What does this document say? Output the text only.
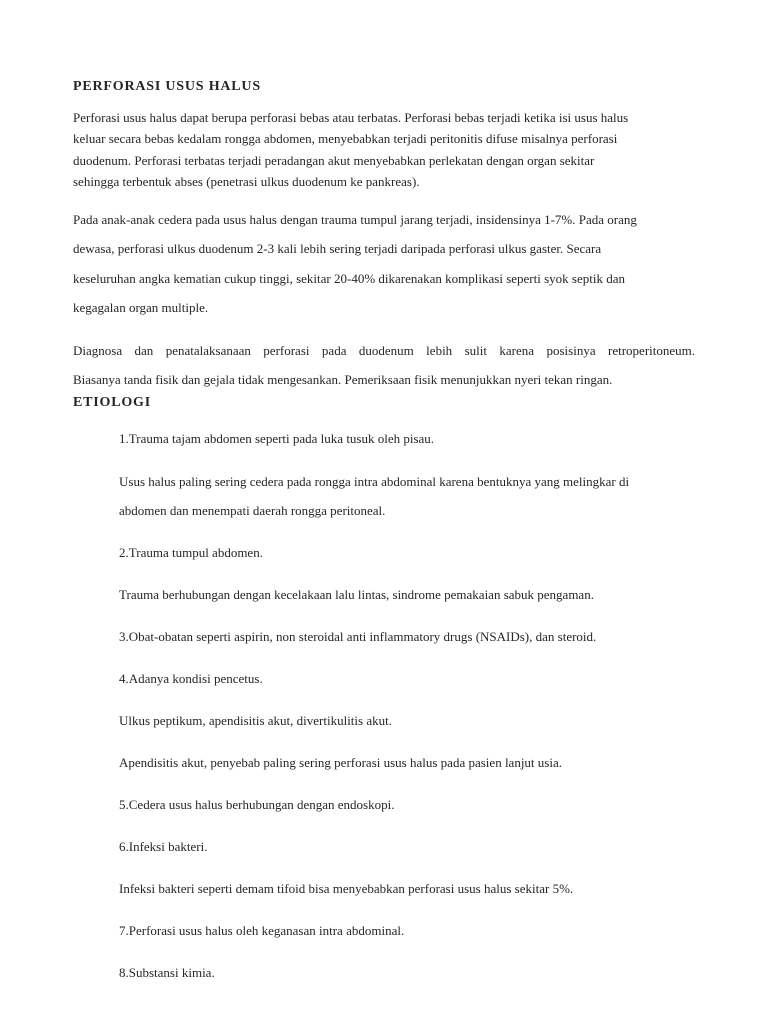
PERFORASI USUS HALUS
Perforasi usus halus dapat berupa perforasi bebas atau terbatas. Perforasi bebas terjadi ketika isi usus halus
keluar secara bebas kedalam rongga abdomen, menyebabkan terjadi peritonitis difuse misalnya perforasi
duodenum. Perforasi terbatas terjadi peradangan akut menyebabkan perlekatan dengan organ sekitar
sehingga terbentuk abses (penetrasi ulkus duodenum ke pankreas).
Pada anak-anak cedera pada usus halus dengan trauma tumpul jarang terjadi, insidensinya 1-7%. Pada orang
dewasa, perforasi ulkus duodenum 2-3 kali lebih sering terjadi daripada perforasi ulkus gaster. Secara
keseluruhan angka kematian cukup tinggi, sekitar 20-40% dikarenakan komplikasi seperti syok septik dan
kegagalan organ multiple.
Diagnosa dan penatalaksanaan perforasi pada duodenum lebih sulit karena posisinya retroperitoneum.
Biasanya tanda fisik dan gejala tidak mengesankan. Pemeriksaan fisik menunjukkan nyeri tekan ringan.
ETIOLOGI
1.Trauma tajam abdomen seperti pada luka tusuk oleh pisau.
Usus halus paling sering cedera pada rongga intra abdominal karena bentuknya yang melingkar di
abdomen dan menempati daerah rongga peritoneal.
2.Trauma tumpul abdomen.
Trauma berhubungan dengan kecelakaan lalu lintas, sindrome pemakaian sabuk pengaman.
3.Obat-obatan seperti aspirin, non steroidal anti inflammatory drugs (NSAIDs), dan steroid.
4.Adanya kondisi pencetus.
Ulkus peptikum, apendisitis akut, divertikulitis akut.
Apendisitis akut, penyebab paling sering perforasi usus halus pada pasien lanjut usia.
5.Cedera usus halus berhubungan dengan endoskopi.
6.Infeksi bakteri.
Infeksi bakteri seperti demam tifoid bisa menyebabkan perforasi usus halus sekitar 5%.
7.Perforasi usus halus oleh keganasan intra abdominal.
8.Substansi kimia.
